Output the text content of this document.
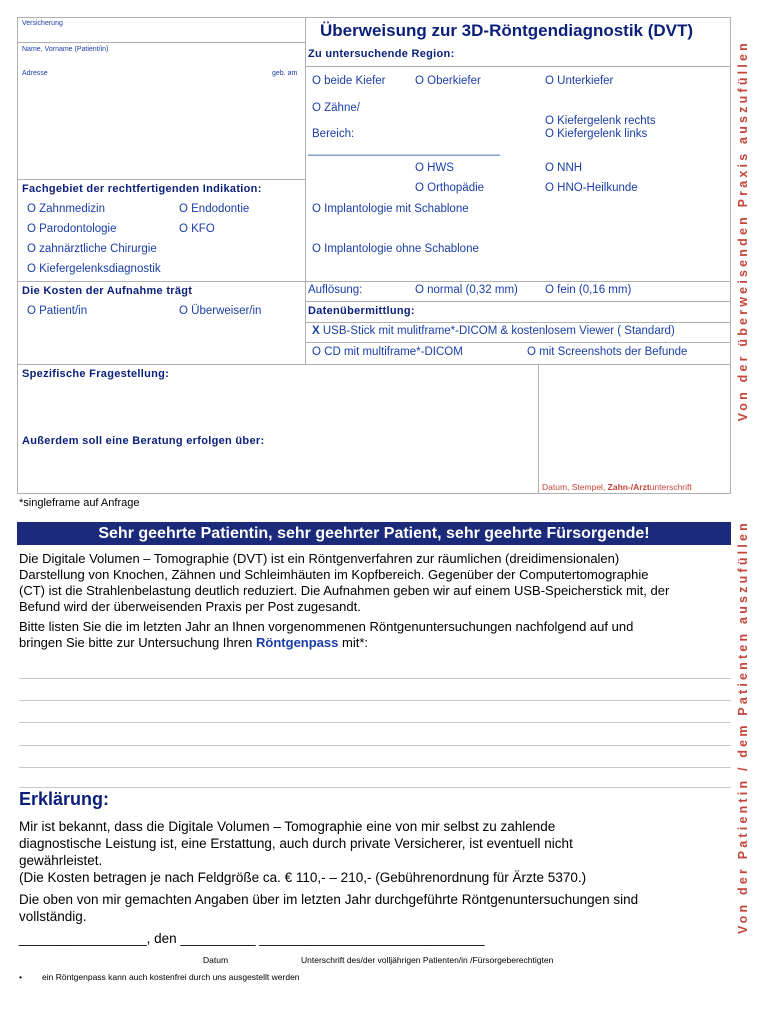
Versicherung
Name, Vorname (Patient/in)
Adresse	geb. am
Überweisung zur 3D-Röntgendiagnostik (DVT)
Zu untersuchende Region:
O beide Kiefer	O Oberkiefer	O Unterkiefer
O Zähne/
O Kiefergelenk rechts
Bereich:	O Kiefergelenk links
______________________________
O HWS	O NNH
O Orthopädie	O HNO-Heilkunde
O Implantologie mit Schablone
O Implantologie ohne Schablone
Fachgebiet der rechtfertigenden Indikation:
O Zahnmedizin	O Endodontie
O Parodontologie	O KFO
O zahnärztliche Chirurgie
O Kiefergelenksdiagnostik
Die Kosten der Aufnahme trägt
O Patient/in	O Überweiser/in
Auflösung:	O normal (0,32 mm) O fein (0,16 mm)
Datenübermittlung:
X USB-Stick mit mulitframe*-DICOM & kostenlosem Viewer ( Standard)
O CD mit multiframe*-DICOM	O mit Screenshots der Befunde
Spezifische Fragestellung:
Außerdem soll eine Beratung erfolgen über:
Datum, Stempel, Zahn-/Arztunterschrift
*singleframe auf Anfrage
Von der überweisenden Praxis auszufüllen
Von der Patientin / dem Patienten auszufüllen
Sehr geehrte Patientin, sehr geehrter Patient, sehr geehrte Fürsorgende!
Die Digitale Volumen – Tomographie (DVT) ist ein Röntgenverfahren zur räumlichen (dreidimensionalen)
Darstellung von Knochen, Zähnen und Schleimhäuten im Kopfbereich. Gegenüber der Computertomographie
(CT) ist die Strahlenbelastung deutlich reduziert. Die Aufnahmen geben wir auf einem USB-Speicherstick mit, der
Befund wird der überweisenden Praxis per Post zugesandt.
Bitte listen Sie die im letzten Jahr an Ihnen vorgenommenen Röntgenuntersuchungen nachfolgend auf und
bringen Sie bitte zur Untersuchung Ihren Röntgenpass mit*:
Erklärung:
Mir ist bekannt, dass die Digitale Volumen – Tomographie eine von mir selbst zu zahlende
diagnostische Leistung ist, eine Erstattung, auch durch private Versicherer, ist eventuell nicht
gewährleistet.
(Die Kosten betragen je nach Feldgröße ca. € 110,- – 210,- (Gebührenordnung für Ärzte 5370.)
Die oben von mir gemachten Angaben über im letzten Jahr durchgeführte Röntgenuntersuchungen sind
vollständig.
_________________, den __________ ______________________________
Datum	Unterschrift des/der volljährigen Patienten/in /Fürsorgeberechtigten
• ein Röntgenpass kann auch kostenfrei durch uns ausgestellt werden
